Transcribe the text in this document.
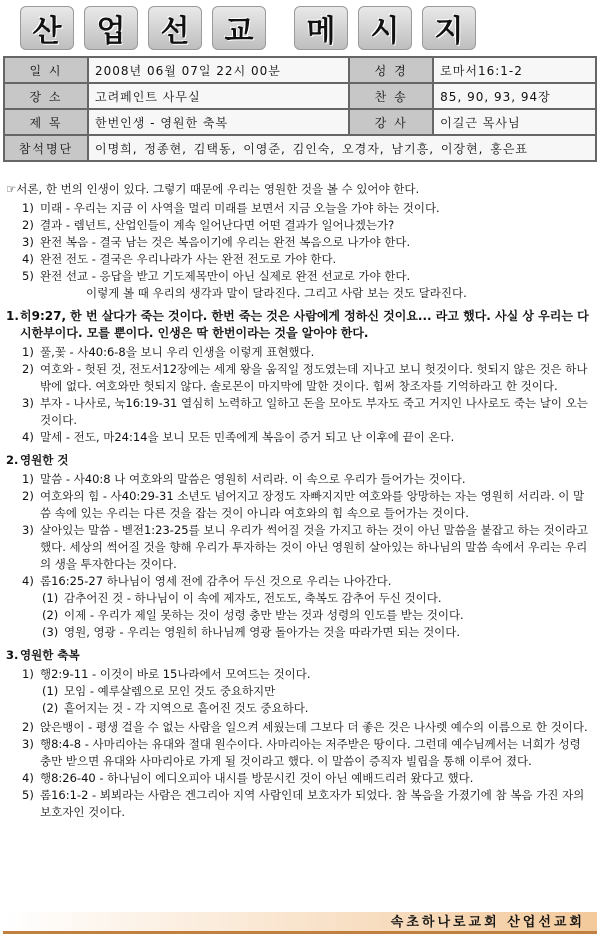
산	업	선	교	메	시	지
일 시	2008년 06월 07일 22시 00분	성 경	로마서16:1-2
장 소	고려페인트 사무실	찬 송	85, 90, 93, 94장
제 목	한번인생 - 영원한 축복	강 사	이길근 목사님
참석명단	이명희, 정종현, 김택동, 이영준, 김인숙, 오경자, 남기흥, 이장현, 홍은표		
☞서론, 한 번의 인생이 있다. 그렇기 때문에 우리는 영원한 것을 볼 수 있어야 한다.
1) 미래 - 우리는 지금 이 사역을 멀리 미래를 보면서 지금 오늘을 가야 하는 것이다.
2) 결과 - 렘넌트, 산업인들이 계속 일어난다면 어떤 결과가 일어나겠는가?
3) 완전 복음 - 결국 남는 것은 복음이기에 우리는 완전 복음으로 나가야 한다.
4) 완전 전도 - 결국은 우리나라가 사는 완전 전도로 가야 한다.
5) 완전 선교 - 응답을 받고 기도제목만이 아닌 실제로 완전 선교로 가야 한다.
이렇게 볼 때 우리의 생각과 말이 달라진다. 그리고 사람 보는 것도 달라진다.
1. 히9:27, 한 번 살다가 죽는 것이다. 한번 죽는 것은 사람에게 정하신 것이요... 라고 했다. 사실 상 우리는 다 시한부이다. 모를 뿐이다. 인생은 딱 한번이라는 것을 알아야 한다.
1) 풀,꽃 - 사40:6-8을 보니 우리 인생을 이렇게 표현했다.
2) 여호와 - 헛된 것, 전도서12장에는 세계 왕을 움직일 정도였는데 지나고 보니 헛것이다. 헛되지 않은 것은 하나밖에 없다. 여호와만 헛되지 않다. 솔로몬이 마지막에 말한 것이다. 힘써 창조자를 기억하라고 한 것이다.
3) 부자 - 나사로, 눅16:19-31 열심히 노력하고 일하고 돈을 모아도 부자도 죽고 거지인 나사로도 죽는 날이 오는 것이다.
4) 말세 - 전도, 마24:14을 보니 모든 민족에게 복음이 증거 되고 난 이후에 끝이 온다.
2. 영원한 것
1) 말씀 - 사40:8 나 여호와의 말씀은 영원히 서리라. 이 속으로 우리가 들어가는 것이다.
2) 여호와의 힘 - 사40:29-31 소년도 넘어지고 장정도 자빠지지만 여호와를 앙망하는 자는 영원히 서리라. 이 말씀 속에 있는 우리는 다른 것을 잡는 것이 아니라 여호와의 힘 속으로 들어가는 것이다.
3) 살아있는 말씀 - 벧전1:23-25를 보니 우리가 썩어질 것을 가지고 하는 것이 아닌 말씀을 붙잡고 하는 것이라고 했다. 세상의 썩어질 것을 향해 우리가 투자하는 것이 아닌 영원히 살아있는 하나님의 말씀 속에서 우리는 우리의 생을 투자한다는 것이다.
4) 롬16:25-27 하나님이 영세 전에 감추어 두신 것으로 우리는 나아간다.
(1) 감추어진 것 - 하나님이 이 속에 제자도, 전도도, 축복도 감추어 두신 것이다.
(2) 이제 - 우리가 제일 못하는 것이 성령 충만 받는 것과 성령의 인도를 받는 것이다.
(3) 영원, 영광 - 우리는 영원히 하나님께 영광 돌아가는 것을 따라가면 되는 것이다.
3. 영원한 축복
1) 행2:9-11 - 이것이 바로 15나라에서 모여드는 것이다.
(1) 모임 - 예루살렘으로 모인 것도 중요하지만
(2) 흩어지는 것 - 각 지역으로 흩어진 것도 중요하다.
2) 앉은뱅이 - 평생 걸을 수 없는 사람을 일으켜 세웠는데 그보다 더 좋은 것은 나사렛 예수의 이름으로 한 것이다.
3) 행8:4-8 - 사마리아는 유대와 절대 원수이다. 사마리아는 저주받은 땅이다. 그런데 예수님께서는 너희가 성령 충만 받으면 유대와 사마리아로 가게 될 것이라고 했다. 이 말씀이 증직자 빌립을 통해 이루어 졌다.
4) 행8:26-40 - 하나님이 에디오피아 내시를 방문시킨 것이 아닌 예배드리러 왔다고 했다.
5) 롬16:1-2 - 뵈뵈라는 사람은 겐그리아 지역 사람인데 보호자가 되었다. 참 복음을 가졌기에 참 복음 가진 자의 보호자인 것이다.
속초하나로교회 산업선교회
